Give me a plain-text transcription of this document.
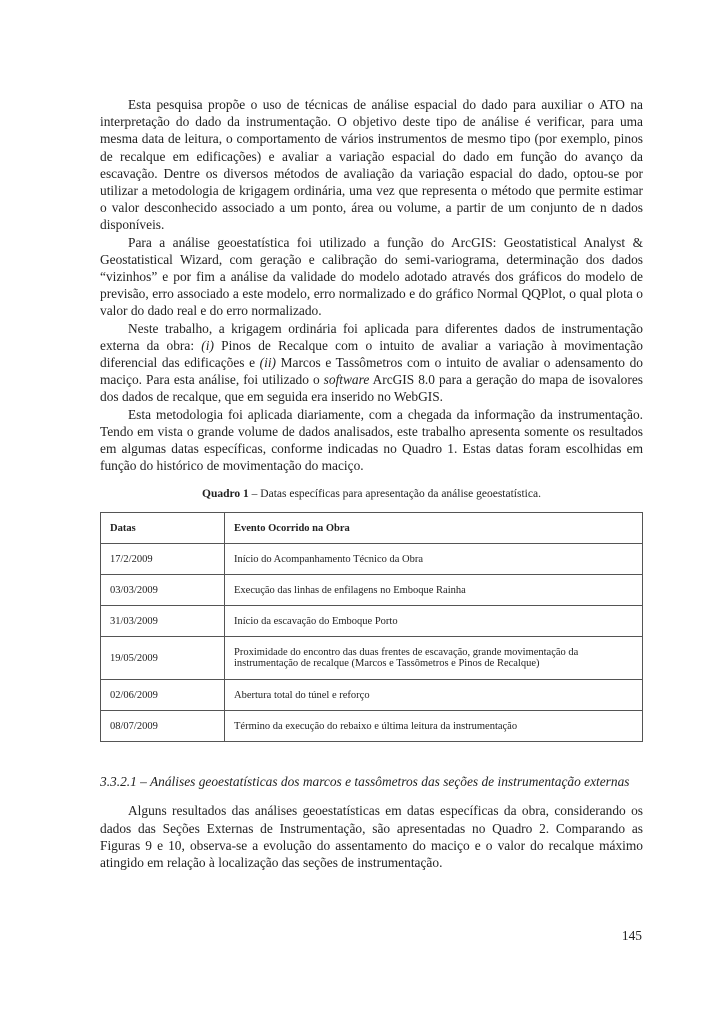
Esta pesquisa propõe o uso de técnicas de análise espacial do dado para auxiliar o ATO na interpretação do dado da instrumentação. O objetivo deste tipo de análise é verificar, para uma mesma data de leitura, o comportamento de vários instrumentos de mesmo tipo (por exemplo, pinos de recalque em edificações) e avaliar a variação espacial do dado em função do avanço da escavação. Dentre os diversos métodos de avaliação da variação espacial do dado, optou-se por utilizar a metodologia de krigagem ordinária, uma vez que representa o método que permite estimar o valor desconhecido associado a um ponto, área ou volume, a partir de um conjunto de n dados disponíveis.

Para a análise geoestatística foi utilizado a função do ArcGIS: Geostatistical Analyst & Geostatistical Wizard, com geração e calibração do semi-variograma, determinação dos dados “vizinhos” e por fim a análise da validade do modelo adotado através dos gráficos do modelo de previsão, erro associado a este modelo, erro normalizado e do gráfico Normal QQPlot, o qual plota o valor do dado real e do erro normalizado.

Neste trabalho, a krigagem ordinária foi aplicada para diferentes dados de instrumentação externa da obra: (i) Pinos de Recalque com o intuito de avaliar a variação à movimentação diferencial das edificações e (ii) Marcos e Tassômetros com o intuito de avaliar o adensamento do maciço. Para esta análise, foi utilizado o software ArcGIS 8.0 para a geração do mapa de isovalores dos dados de recalque, que em seguida era inserido no WebGIS.

Esta metodologia foi aplicada diariamente, com a chegada da informação da instrumentação. Tendo em vista o grande volume de dados analisados, este trabalho apresenta somente os resultados em algumas datas específicas, conforme indicadas no Quadro 1. Estas datas foram escolhidas em função do histórico de movimentação do maciço.

Quadro 1 – Datas específicas para apresentação da análise geoestatística.
Datas	Evento Ocorrido na Obra
17/2/2009	Início do Acompanhamento Técnico da Obra
03/03/2009	Execução das linhas de enfilagens no Emboque Rainha
31/03/2009	Início da escavação do Emboque Porto
19/05/2009	Proximidade do encontro das duas frentes de escavação, grande movimentação da instrumentação de recalque (Marcos e Tassômetros e Pinos de Recalque)
02/06/2009	Abertura total do túnel e reforço
08/07/2009	Término da execução do rebaixo e última leitura da instrumentação
3.3.2.1 – Análises geoestatísticas dos marcos e tassômetros das seções de instrumentação externas

Alguns resultados das análises geoestatísticas em datas específicas da obra, considerando os dados das Seções Externas de Instrumentação, são apresentadas no Quadro 2. Comparando as Figuras 9 e 10, observa-se a evolução do assentamento do maciço e o valor do recalque máximo atingido em relação à localização das seções de instrumentação.

145
